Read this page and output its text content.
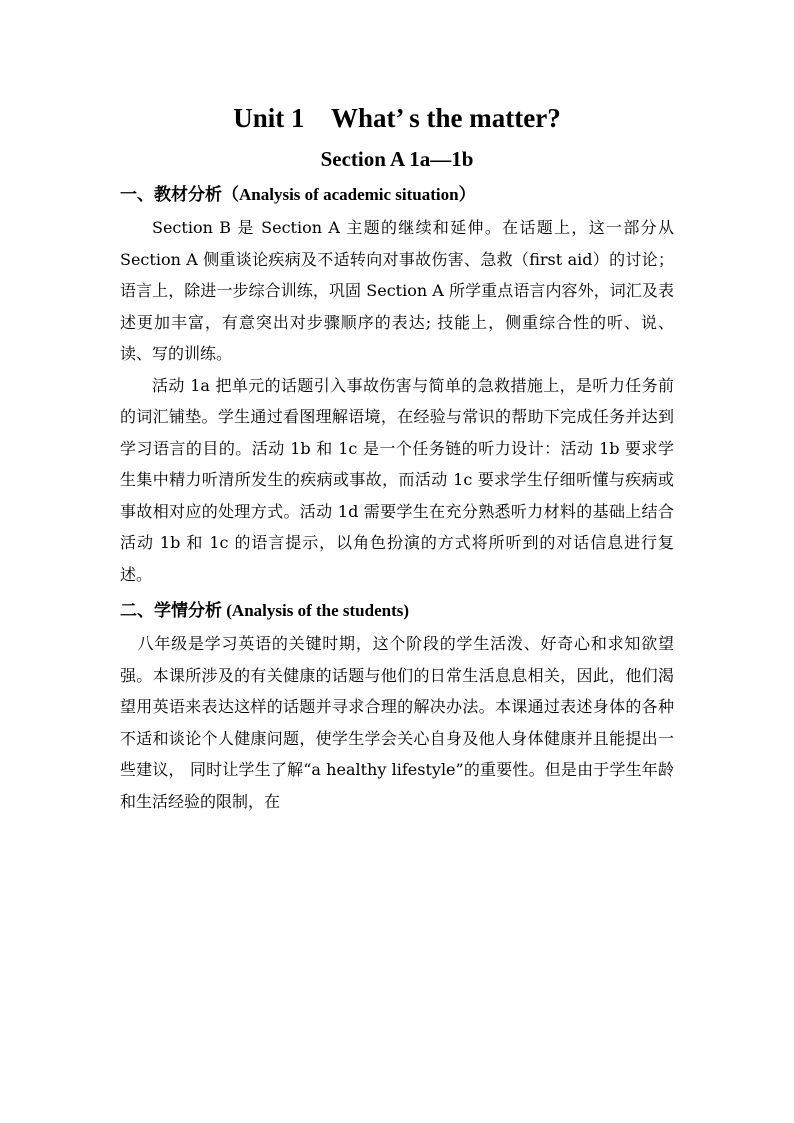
Unit 1    What’ s the matter?
Section A 1a—1b
一、教材分析（Analysis of academic situation）

Section B 是 Section A 主题的继续和延伸。在话题上，这一部分从 Section A 侧重谈论疾病及不适转向对事故伤害、急救（first aid）的讨论；语言上，除进一步综合训练，巩固 Section A 所学重点语言内容外，词汇及表述更加丰富，有意突出对步骤顺序的表达; 技能上，侧重综合性的听、说、读、写的训练。

活动 1a 把单元的话题引入事故伤害与简单的急救措施上，是听力任务前的词汇铺垫。学生通过看图理解语境，在经验与常识的帮助下完成任务并达到学习语言的目的。活动 1b 和 1c 是一个任务链的听力设计：活动 1b 要求学生集中精力听清所发生的疾病或事故，而活动 1c 要求学生仔细听懂与疾病或事故相对应的处理方式。活动 1d 需要学生在充分熟悉听力材料的基础上结合活动 1b 和 1c 的语言提示，以角色扮演的方式将所听到的对话信息进行复述。

二、学情分析 (Analysis of the students)

八年级是学习英语的关键时期，这个阶段的学生活泼、好奇心和求知欲望强。本课所涉及的有关健康的话题与他们的日常生活息息相关，因此，他们渴望用英语来表达这样的话题并寻求合理的解决办法。本课通过表述身体的各种不适和谈论个人健康问题，使学生学会关心自身及他人身体健康并且能提出一些建议， 同时让学生了解“a healthy lifestyle”的重要性。但是由于学生年龄和生活经验的限制，在
